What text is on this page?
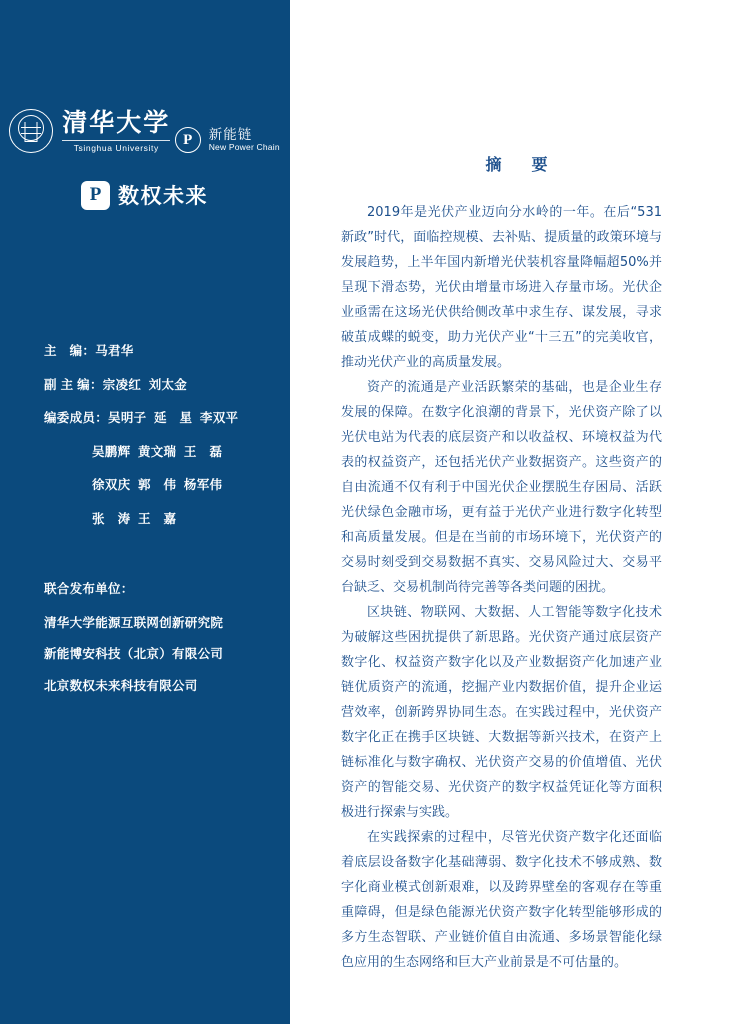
清华大学
Tsinghua University

P	新能链
New Power Chain

P 数权未来
主　编： 马君华
副 主 编： 宗凌红  刘太金
编委成员： 吴明子  延　星  李双平
吴鹏辉  黄文瑞  王　磊
徐双庆  郭　伟  杨军伟
张　涛  王　嘉
联合发布单位：
清华大学能源互联网创新研究院
新能博安科技（北京）有限公司
北京数权未来科技有限公司
摘　要

2019年是光伏产业迈向分水岭的一年。在后“531新政”时代，面临控规模、去补贴、提质量的政策环境与发展趋势，上半年国内新增光伏装机容量降幅超50%并呈现下滑态势，光伏由增量市场进入存量市场。光伏企业亟需在这场光伏供给侧改革中求生存、谋发展，寻求破茧成蝶的蜕变，助力光伏产业“十三五”的完美收官，推动光伏产业的高质量发展。

资产的流通是产业活跃繁荣的基础，也是企业生存发展的保障。在数字化浪潮的背景下，光伏资产除了以光伏电站为代表的底层资产和以收益权、环境权益为代表的权益资产，还包括光伏产业数据资产。这些资产的自由流通不仅有利于中国光伏企业摆脱生存困局、活跃光伏绿色金融市场，更有益于光伏产业进行数字化转型和高质量发展。但是在当前的市场环境下，光伏资产的交易时刻受到交易数据不真实、交易风险过大、交易平台缺乏、交易机制尚待完善等各类问题的困扰。

区块链、物联网、大数据、人工智能等数字化技术为破解这些困扰提供了新思路。光伏资产通过底层资产数字化、权益资产数字化以及产业数据资产化加速产业链优质资产的流通，挖掘产业内数据价值，提升企业运营效率，创新跨界协同生态。在实践过程中，光伏资产数字化正在携手区块链、大数据等新兴技术，在资产上链标准化与数字确权、光伏资产交易的价值增值、光伏资产的智能交易、光伏资产的数字权益凭证化等方面积极进行探索与实践。

在实践探索的过程中，尽管光伏资产数字化还面临着底层设备数字化基础薄弱、数字化技术不够成熟、数字化商业模式创新艰难，以及跨界壁垒的客观存在等重重障碍，但是绿色能源光伏资产数字化转型能够形成的多方生态智联、产业链价值自由流通、多场景智能化绿色应用的生态网络和巨大产业前景是不可估量的。
